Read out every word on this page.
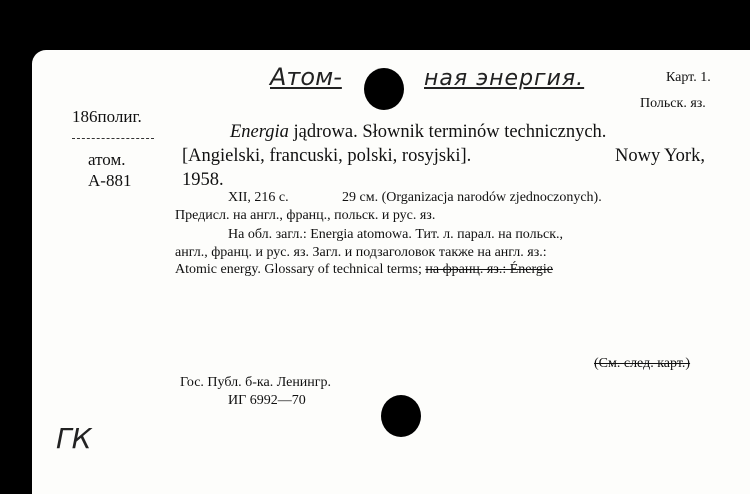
Атом-	ная энергия.	Карт. 1.
Польск. яз.
186полиг.
атом.
А-881
Energia jądrowa. Słownik terminów technicznych.
[Angielski, francuski, polski, rosyjski].	Nowy York,
1958.
XII, 216 с.	29 см. (Organizacja narodów zjednoczonych).
Предисл. на англ., франц., польск. и рус. яз.
На обл. загл.: Energia atomowa. Тит. л. парал. на польск.,
англ., франц. и рус. яз. Загл. и подзаголовок также на англ. яз.:
Atomic energy. Glossary of technical terms; на франц. яз.: Énergie
(См. след. карт.)
Гос. Публ. б-ка. Ленингр.
ИГ 6992—70
ГК
